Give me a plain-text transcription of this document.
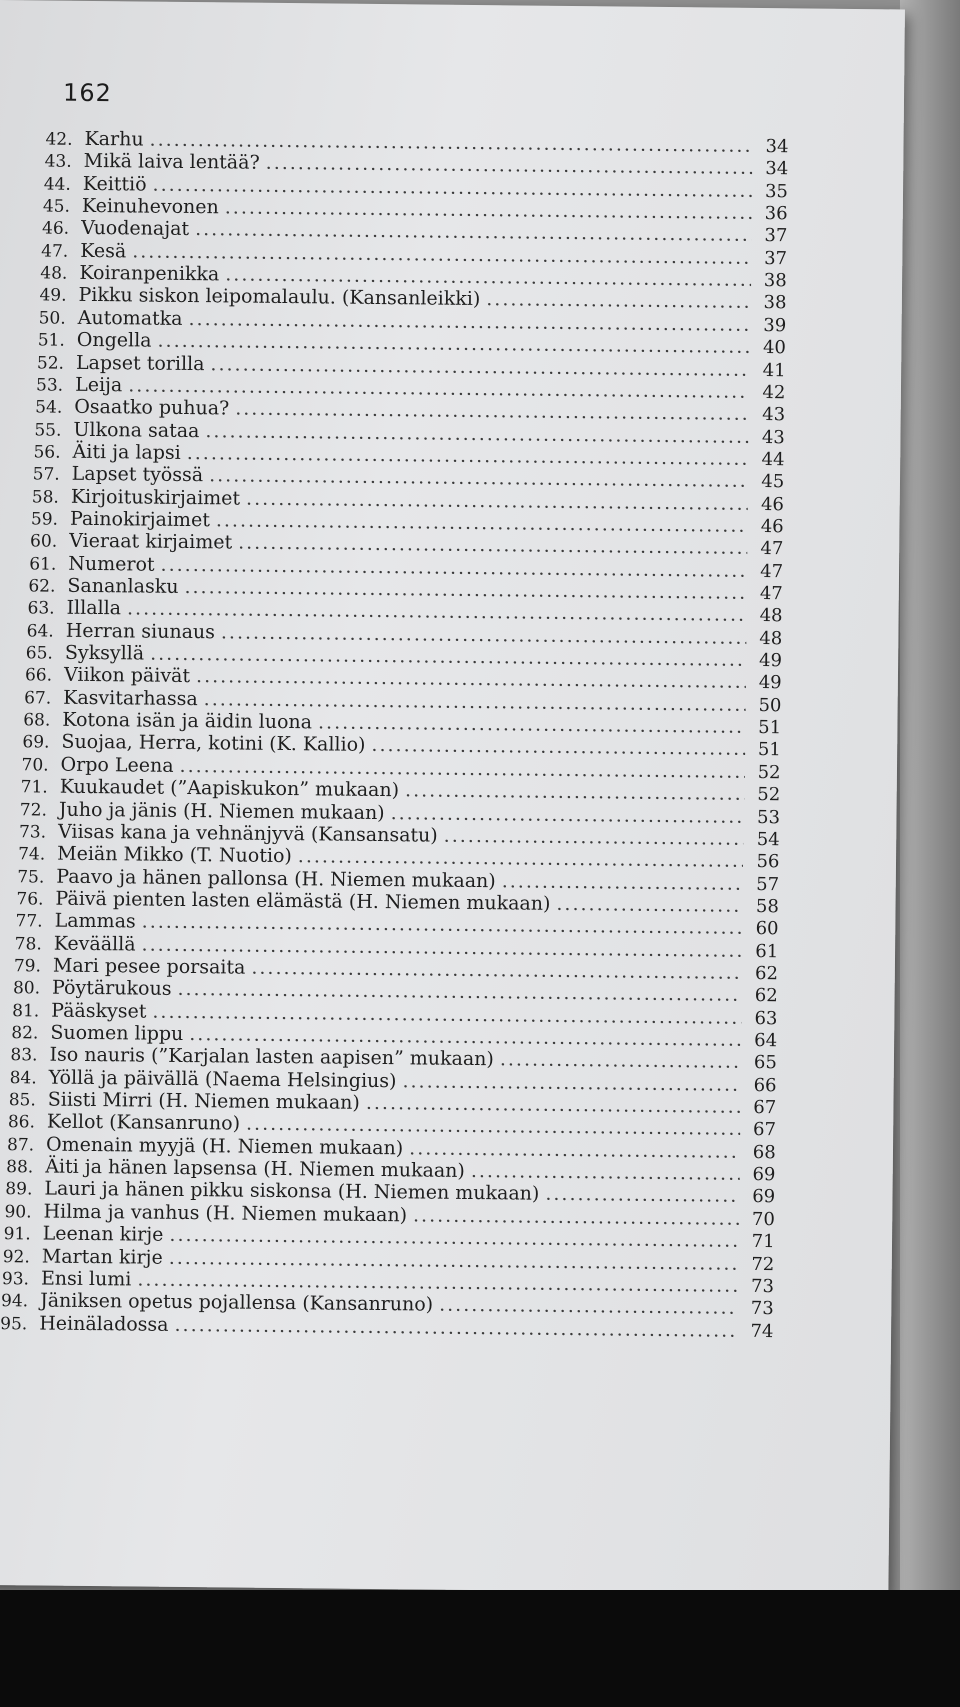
162
42. Karhu .....	34
43. Mikä laiva lentää? .....	34
44. Keittiö .....	35
45. Keinuhevonen .....	36
46. Vuodenajat .....	37
47. Kesä .....	37
48. Koiranpenikka .....	38
49. Pikku siskon leipomalaulu. (Kansanleikki) .....	38
50. Automatka .....	39
51. Ongella .....	40
52. Lapset torilla .....	41
53. Leija .....	42
54. Osaatko puhua? .....	43
55. Ulkona sataa .....	43
56. Äiti ja lapsi .....	44
57. Lapset työssä .....	45
58. Kirjoituskirjaimet .....	46
59. Painokirjaimet .....	46
60. Vieraat kirjaimet .....	47
61. Numerot .....	47
62. Sananlasku .....	47
63. Illalla .....	48
64. Herran siunaus .....	48
65. Syksyllä .....	49
66. Viikon päivät .....	49
67. Kasvitarhassa .....	50
68. Kotona isän ja äidin luona .....	51
69. Suojaa, Herra, kotini (K. Kallio) .....	51
70. Orpo Leena .....	52
71. Kuukaudet (”Aapiskukon” mukaan) .....	52
72. Juho ja jänis (H. Niemen mukaan) .....	53
73. Viisas kana ja vehnänjyvä (Kansansatu) .....	54
74. Meiän Mikko (T. Nuotio) .....	56
75. Paavo ja hänen pallonsa (H. Niemen mukaan) .....	57
76. Päivä pienten lasten elämästä (H. Niemen mukaan) .....	58
77. Lammas .....	60
78. Keväällä .....	61
79. Mari pesee porsaita .....	62
80. Pöytärukous .....	62
81. Pääskyset .....	63
82. Suomen lippu .....	64
83. Iso nauris (”Karjalan lasten aapisen” mukaan) .....	65
84. Yöllä ja päivällä (Naema Helsingius) .....	66
85. Siisti Mirri (H. Niemen mukaan) .....	67
86. Kellot (Kansanruno) .....	67
87. Omenain myyjä (H. Niemen mukaan) .....	68
88. Äiti ja hänen lapsensa (H. Niemen mukaan) .....	69
89. Lauri ja hänen pikku siskonsa (H. Niemen mukaan) .....	69
90. Hilma ja vanhus (H. Niemen mukaan) .....	70
91. Leenan kirje .....	71
92. Martan kirje .....	72
93. Ensi lumi .....	73
94. Jäniksen opetus pojallensa (Kansanruno) .....	73
95. Heinäladossa .....	74
